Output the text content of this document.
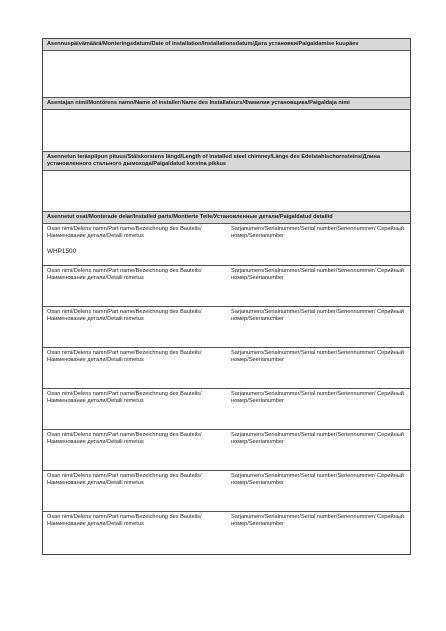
Asennuspäivämäärä/Monteringsdatum/Date of installation/Installationsdatum/Дата установки/Paigaldamise kuupäev
Asentajan nimi/Montörens namn/Name of installer/Name des Installateurs/Фамилия установщика/Paigaldaja nimi
Asennetun teräspiipun pituus/Stålskorstens längd/Length of installed steel chimney/Länge des Edelstahlschornsteins/Длина установленного стального дымохода/Paigaldatud korstna pikkus
Asennetut osat/Monterade delar/Installed parts/Montierte Teile/Установленные детали/Paigaldatud detailid
Osan nimi/Delens namn/Part name/Bezeichnung des Bauteils/Наименование детали/Detaili nimetus
WHP1500
Sarjanumero/Serialnummer/Serial number/Seriennummer/ Серийный номер/Seerianumber
Osan nimi/Delens namn/Part name/Bezeichnung des Bauteils/Наименование детали/Detaili nimetus
Sarjanumero/Serialnummer/Serial number/Seriennummer/ Серийный номер/Seerianumber
Osan nimi/Delens namn/Part name/Bezeichnung des Bauteils/Наименование детали/Detaili nimetus
Sarjanumero/Serialnummer/Serial number/Seriennummer/ Серийный номер/Seerianumber
Osan nimi/Delens namn/Part name/Bezeichnung des Bauteils/Наименование детали/Detaili nimetus
Sarjanumero/Serialnummer/Serial number/Seriennummer/ Серийный номер/Seerianumber
Osan nimi/Delens namn/Part name/Bezeichnung des Bauteils/Наименование детали/Detaili nimetus
Sarjanumero/Serialnummer/Serial number/Seriennummer/ Серийный номер/Seerianumber
Osan nimi/Delens namn/Part name/Bezeichnung des Bauteils/Наименование детали/Detaili nimetus
Sarjanumero/Serialnummer/Serial number/Seriennummer/ Серийный номер/Seerianumber
Osan nimi/Delens namn/Part name/Bezeichnung des Bauteils/Наименование детали/Detaili nimetus
Sarjanumero/Serialnummer/Serial number/Seriennummer/ Серийный номер/Seerianumber
Osan nimi/Delens namn/Part name/Bezeichnung des Bauteils/Наименование детали/Detaili nimetus
Sarjanumero/Serialnummer/Serial number/Seriennummer/ Серийный номер/Seerianumber
